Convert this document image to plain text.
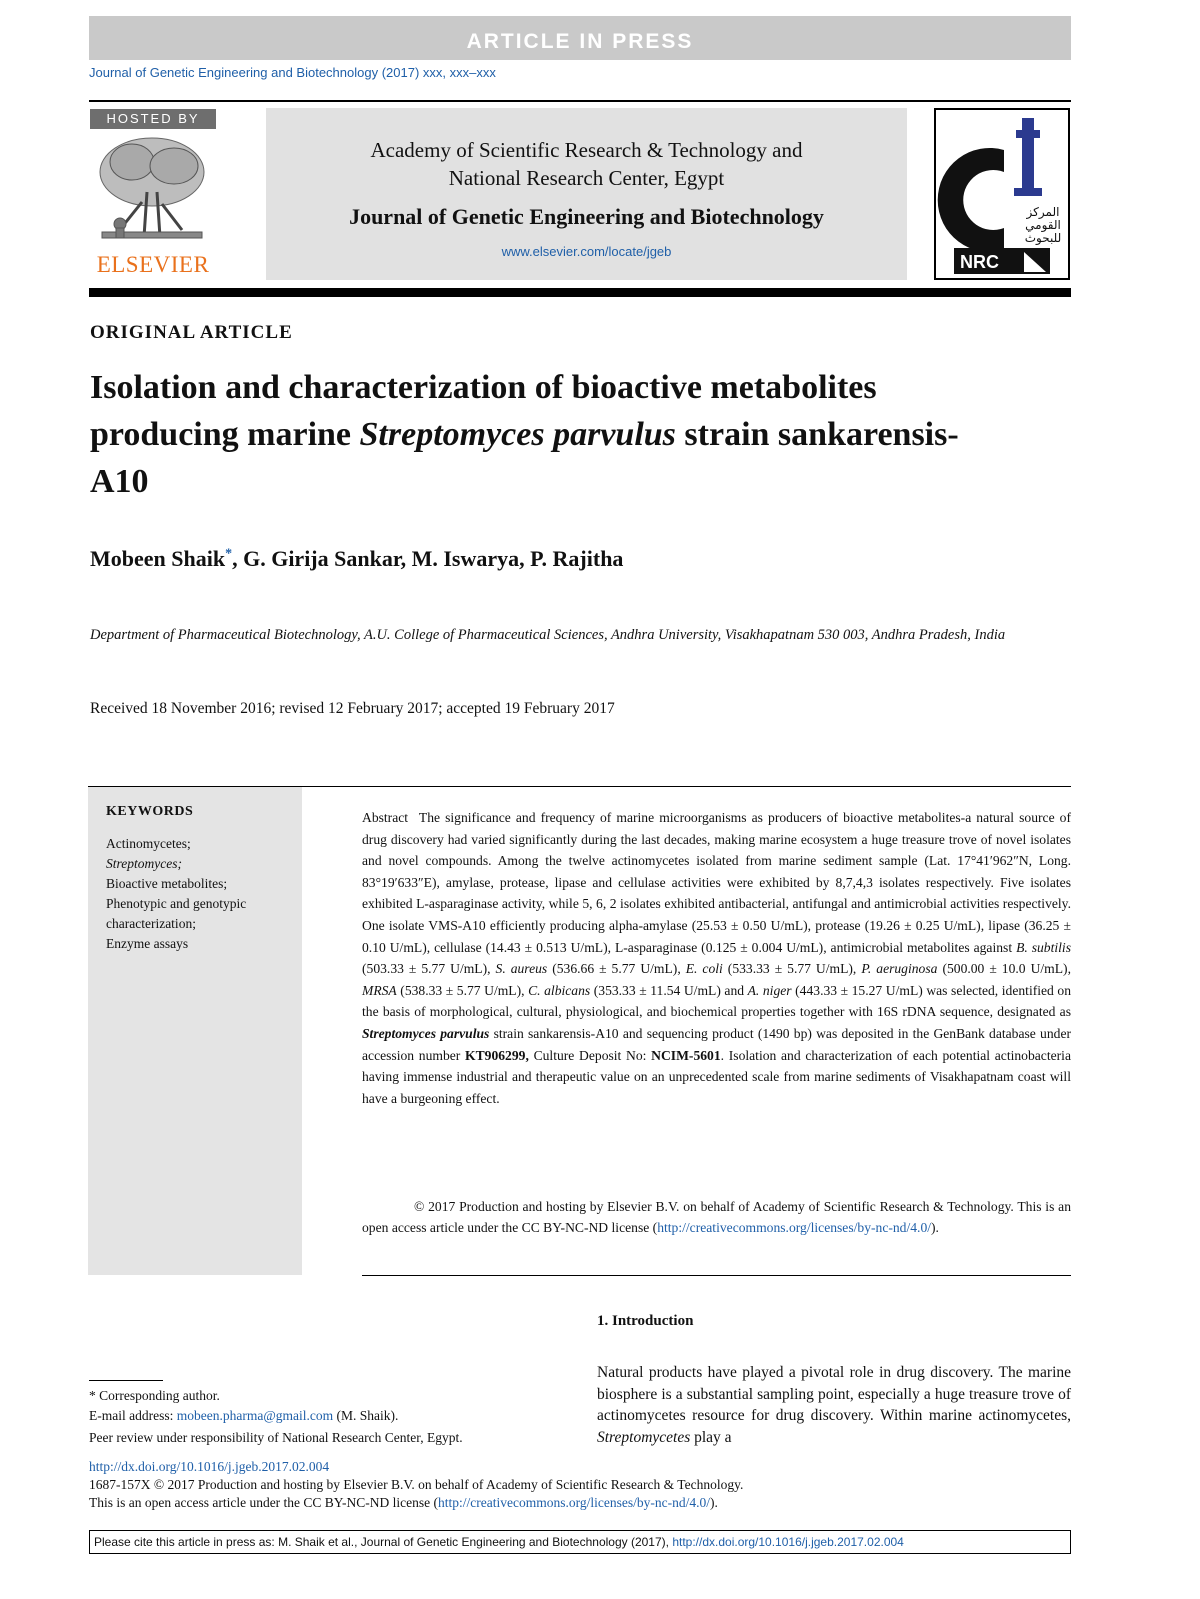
ARTICLE IN PRESS
Journal of Genetic Engineering and Biotechnology (2017) xxx, xxx–xxx
HOSTED BY
ELSEVIER
Academy of Scientific Research & Technology and
National Research Center, Egypt
Journal of Genetic Engineering and Biotechnology
www.elsevier.com/locate/jgeb
NRC
المركز القومي للبحوث
ORIGINAL ARTICLE
Isolation and characterization of bioactive metabolites producing marine Streptomyces parvulus strain sankarensis-A10
Mobeen Shaik*, G. Girija Sankar, M. Iswarya, P. Rajitha
Department of Pharmaceutical Biotechnology, A.U. College of Pharmaceutical Sciences, Andhra University, Visakhapatnam 530 003, Andhra Pradesh, India
Received 18 November 2016; revised 12 February 2017; accepted 19 February 2017
KEYWORDS
Actinomycetes;
Streptomyces;
Bioactive metabolites;
Phenotypic and genotypic characterization;
Enzyme assays
Abstract The significance and frequency of marine microorganisms as producers of bioactive metabolites-a natural source of drug discovery had varied significantly during the last decades, making marine ecosystem a huge treasure trove of novel isolates and novel compounds. Among the twelve actinomycetes isolated from marine sediment sample (Lat. 17°41′962″N, Long. 83°19′633″E), amylase, protease, lipase and cellulase activities were exhibited by 8,7,4,3 isolates respectively. Five isolates exhibited L-asparaginase activity, while 5, 6, 2 isolates exhibited antibacterial, antifungal and antimicrobial activities respectively. One isolate VMS-A10 efficiently producing alpha-amylase (25.53 ± 0.50 U/mL), protease (19.26 ± 0.25 U/mL), lipase (36.25 ± 0.10 U/mL), cellulase (14.43 ± 0.513 U/mL), L-asparaginase (0.125 ± 0.004 U/mL), antimicrobial metabolites against B. subtilis (503.33 ± 5.77 U/mL), S. aureus (536.66 ± 5.77 U/mL), E. coli (533.33 ± 5.77 U/mL), P. aeruginosa (500.00 ± 10.0 U/mL), MRSA (538.33 ± 5.77 U/mL), C. albicans (353.33 ± 11.54 U/mL) and A. niger (443.33 ± 15.27 U/mL) was selected, identified on the basis of morphological, cultural, physiological, and biochemical properties together with 16S rDNA sequence, designated as Streptomyces parvulus strain sankarensis-A10 and sequencing product (1490 bp) was deposited in the GenBank database under accession number KT906299, Culture Deposit No: NCIM-5601. Isolation and characterization of each potential actinobacteria having immense industrial and therapeutic value on an unprecedented scale from marine sediments of Visakhapatnam coast will have a burgeoning effect.
© 2017 Production and hosting by Elsevier B.V. on behalf of Academy of Scientific Research & Technology. This is an open access article under the CC BY-NC-ND license (http://creativecommons.org/licenses/by-nc-nd/4.0/).
1. Introduction
Natural products have played a pivotal role in drug discovery. The marine biosphere is a substantial sampling point, especially a huge treasure trove of actinomycetes resource for drug discovery. Within marine actinomycetes, Streptomycetes play a
* Corresponding author.
E-mail address: mobeen.pharma@gmail.com (M. Shaik).
Peer review under responsibility of National Research Center, Egypt.
http://dx.doi.org/10.1016/j.jgeb.2017.02.004
1687-157X © 2017 Production and hosting by Elsevier B.V. on behalf of Academy of Scientific Research & Technology.
This is an open access article under the CC BY-NC-ND license (http://creativecommons.org/licenses/by-nc-nd/4.0/).
Please cite this article in press as: M. Shaik et al., Journal of Genetic Engineering and Biotechnology (2017), http://dx.doi.org/10.1016/j.jgeb.2017.02.004
